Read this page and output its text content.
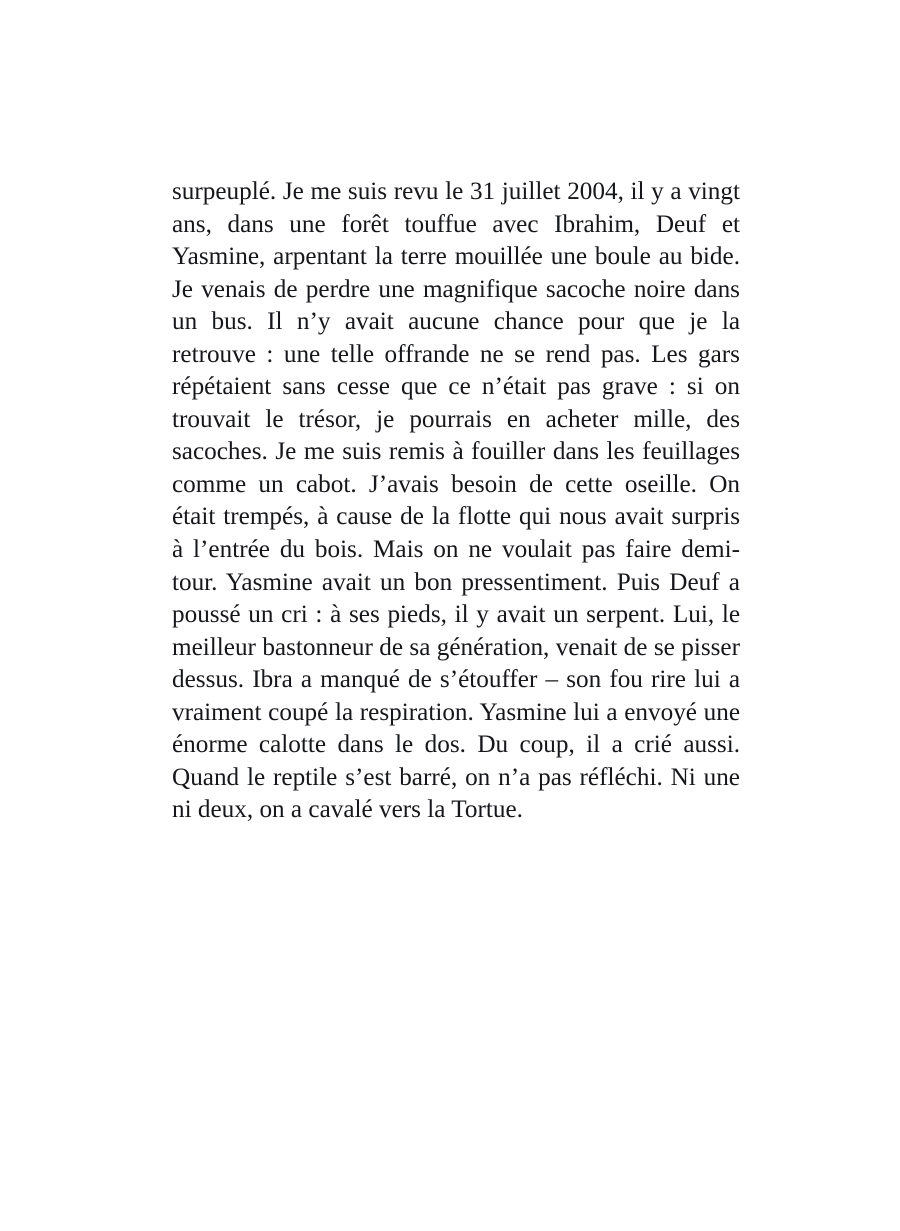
surpeuplé. Je me suis revu le 31 juillet 2004, il y a vingt ans, dans une forêt touffue avec Ibrahim, Deuf et Yasmine, arpentant la terre mouillée une boule au bide. Je venais de perdre une magnifique sacoche noire dans un bus. Il n’y avait aucune chance pour que je la retrouve : une telle offrande ne se rend pas. Les gars répétaient sans cesse que ce n’était pas grave : si on trouvait le trésor, je pourrais en acheter mille, des sacoches. Je me suis remis à fouiller dans les feuillages comme un cabot. J’avais besoin de cette oseille. On était trempés, à cause de la flotte qui nous avait surpris à l’entrée du bois. Mais on ne voulait pas faire demi-tour. Yasmine avait un bon pressentiment. Puis Deuf a poussé un cri : à ses pieds, il y avait un serpent. Lui, le meilleur bastonneur de sa génération, venait de se pisser dessus. Ibra a manqué de s’étouffer – son fou rire lui a vraiment coupé la respiration. Yasmine lui a envoyé une énorme calotte dans le dos. Du coup, il a crié aussi. Quand le reptile s’est barré, on n’a pas réfléchi. Ni une ni deux, on a cavalé vers la Tortue.
